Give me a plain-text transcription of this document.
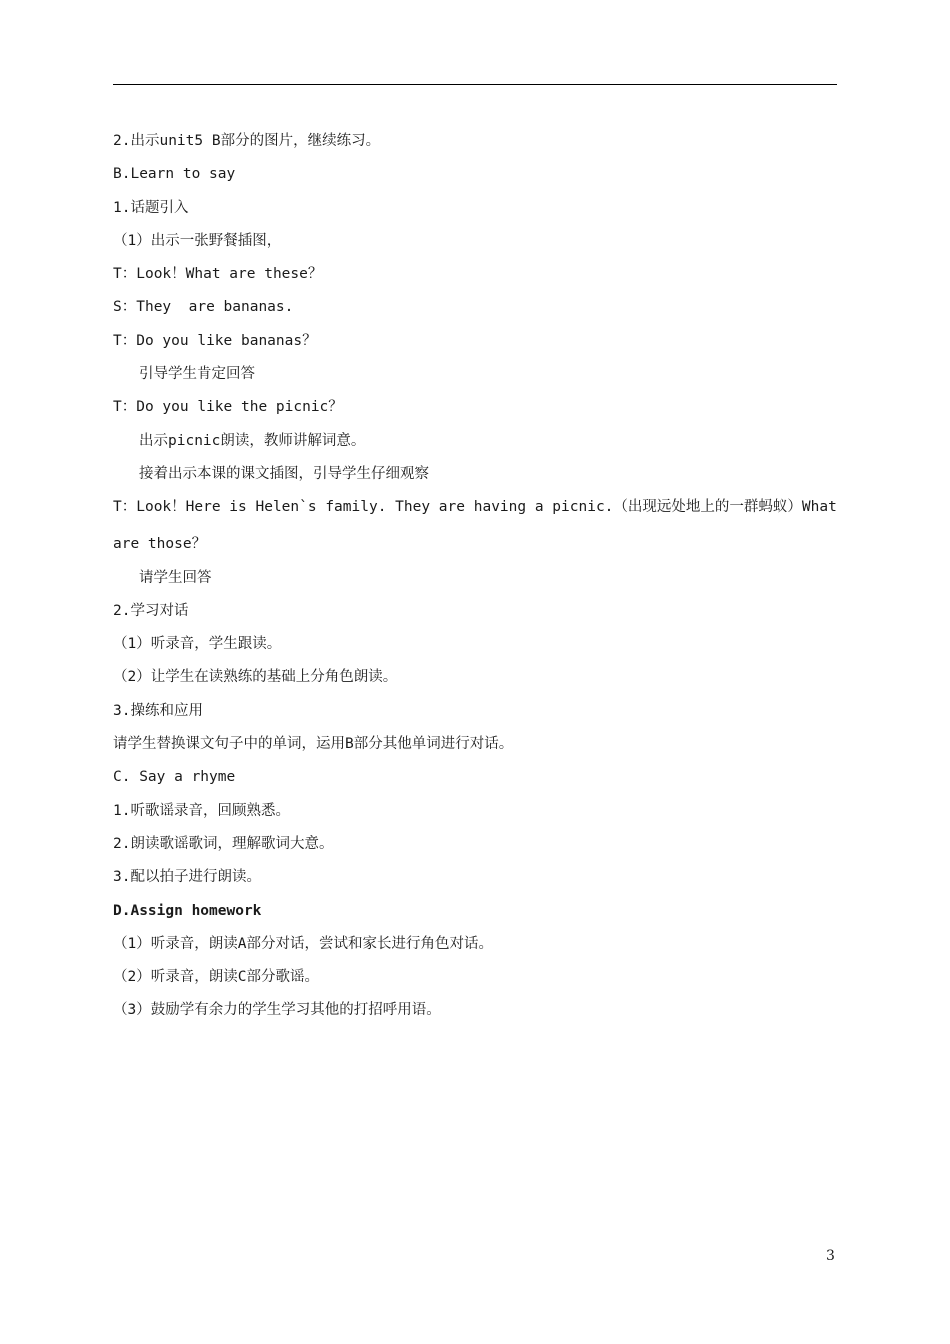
2.出示unit5 B部分的图片，继续练习。
B.Learn to say
1.话题引入
（1）出示一张野餐插图，
T：Look！What are these？
S：They  are bananas.
T：Do you like bananas？
引导学生肯定回答
T：Do you like the picnic？
出示picnic朗读，教师讲解词意。
接着出示本课的课文插图，引导学生仔细观察
T：Look！Here is Helen`s family. They are having a picnic.（出现远处地上的一群蚂蚁）What
are those？
请学生回答
2.学习对话
（1）听录音，学生跟读。
（2）让学生在读熟练的基础上分角色朗读。
3.操练和应用
请学生替换课文句子中的单词，运用B部分其他单词进行对话。
C. Say a rhyme
1.听歌谣录音，回顾熟悉。
2.朗读歌谣歌词，理解歌词大意。
3.配以拍子进行朗读。
D.Assign homework
（1）听录音，朗读A部分对话，尝试和家长进行角色对话。
（2）听录音，朗读C部分歌谣。
（3）鼓励学有余力的学生学习其他的打招呼用语。
3
